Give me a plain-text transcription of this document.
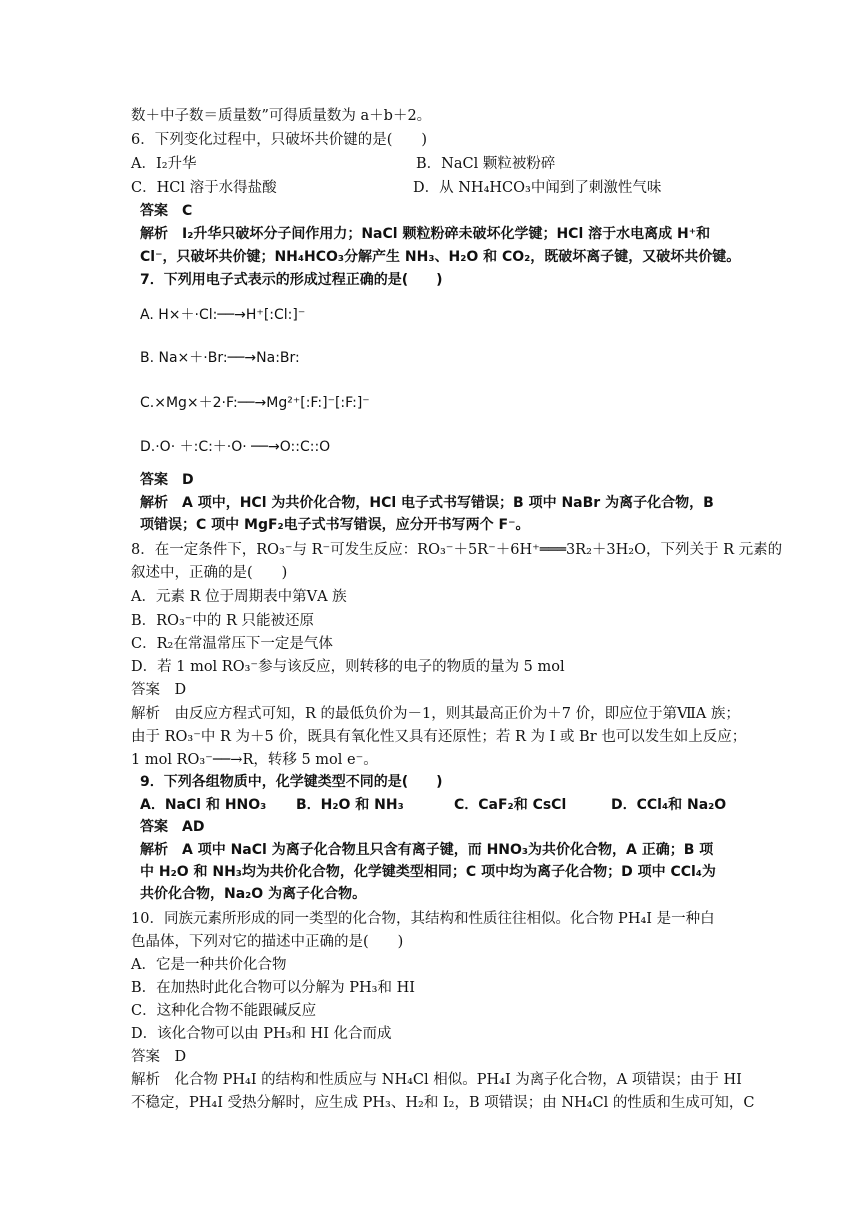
数＋中子数＝质量数”可得质量数为 a＋b＋2。
6．下列变化过程中，只破坏共价键的是(　　)
A．I₂升华	B．NaCl 颗粒被粉碎
C．HCl 溶于水得盐酸	D．从 NH₄HCO₃中闻到了刺激性气味
答案　C
解析　I₂升华只破坏分子间作用力；NaCl 颗粒粉碎未破坏化学键；HCl 溶于水电离成 H⁺和
Cl⁻，只破坏共价键；NH₄HCO₃分解产生 NH₃、H₂O 和 CO₂，既破坏离子键，又破坏共价键。
7．下列用电子式表示的形成过程正确的是(　　)
A. H×＋·Cl:──→H⁺[:Cl:]⁻
B. Na×＋·Br:──→Na:Br:
C.×Mg×＋2·F:──→Mg²⁺[:F:]⁻[:F:]⁻
D.·O· ＋:C:＋·O· ──→O::C::O
答案　D
解析　A 项中，HCl 为共价化合物，HCl 电子式书写错误；B 项中 NaBr 为离子化合物，B
项错误；C 项中 MgF₂电子式书写错误，应分开书写两个 F⁻。
8．在一定条件下，RO₃⁻与 R⁻可发生反应：RO₃⁻＋5R⁻＋6H⁺═══3R₂＋3H₂O，下列关于 R 元素的
叙述中，正确的是(　　)
A．元素 R 位于周期表中第ⅤA 族
B．RO₃⁻中的 R 只能被还原
C．R₂在常温常压下一定是气体
D．若 1 mol RO₃⁻参与该反应，则转移的电子的物质的量为 5 mol
答案　D
解析　由反应方程式可知，R 的最低负价为－1，则其最高正价为＋7 价，即应位于第ⅦA 族；
由于 RO₃⁻中 R 为＋5 价，既具有氧化性又具有还原性；若 R 为 I 或 Br 也可以发生如上反应；
1 mol RO₃⁻──→R，转移 5 mol e⁻。
9．下列各组物质中，化学键类型不同的是(　　)
A．NaCl 和 HNO₃ B．H₂O 和 NH₃	C．CaF₂和 CsCl	D．CCl₄和 Na₂O
答案　AD
解析　A 项中 NaCl 为离子化合物且只含有离子键，而 HNO₃为共价化合物，A 正确；B 项
中 H₂O 和 NH₃均为共价化合物，化学键类型相同；C 项中均为离子化合物；D 项中 CCl₄为
共价化合物，Na₂O 为离子化合物。
10．同族元素所形成的同一类型的化合物，其结构和性质往往相似。化合物 PH₄I 是一种白
色晶体，下列对它的描述中正确的是(　　)
A．它是一种共价化合物
B．在加热时此化合物可以分解为 PH₃和 HI
C．这种化合物不能跟碱反应
D．该化合物可以由 PH₃和 HI 化合而成
答案　D
解析　化合物 PH₄I 的结构和性质应与 NH₄Cl 相似。PH₄I 为离子化合物，A 项错误；由于 HI
不稳定，PH₄I 受热分解时，应生成 PH₃、H₂和 I₂，B 项错误；由 NH₄Cl 的性质和生成可知，C
